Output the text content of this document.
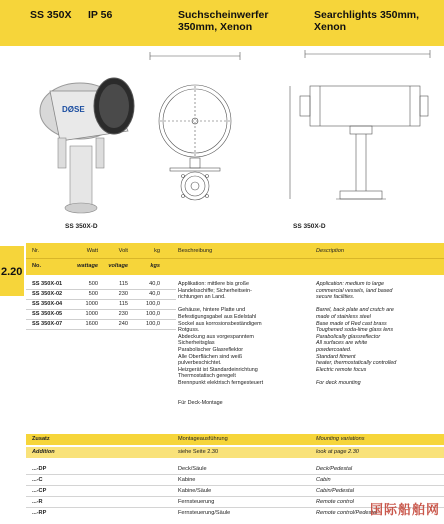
SS 350X IP 56	Suchscheinwerfer 350mm, Xenon
Searchlights 350mm, Xenon
DØSE
SS 350X-D	SS 350X-D
2.20
Nr.	Watt	Volt	kg	Beschreibung	Description
No.	wattage	voltage	kgs
SS 350X-01	500	115	40,0
SS 350X-02	500	230	40,0
SS 350X-04	1000	115	100,0
SS 350X-05	1000	230	100,0
SS 350X-07	1600	240	100,0
Applikation: mittlere bis große
Handelsschiffe; Sicherheitsein-
richtungen an Land.
Gehäuse, hintere Platte und
Befestigungsgabel aus Edelstahl
Sockel aus korrosionsbeständigem
Rotguss.
Abdeckung aus vorgespanntem
Sicherheitsglas
Parabolischer Glasreflektor
Alle Oberflächen sind weiß
pulverbeschichtet.
Heizgerät ist Standardeinrichtung
Thermostatisch geregelt
Brennpunkt elektrisch ferngesteuert
Für Deck-Montage
Application: medium to large
commercial vessels, land based
secure facilities.
Barrel, back plate and crutch are
made of stainless steel
Base made of Red cast brass
Toughened soda-lime glass lens
Parabolically glassreflector
All surfaces are white
powdercoated.
Standard fitment
heater, thermostatically controlled
Electric remote focus
For deck mounting
Zusatz	Montageausführung	Mounting variations
Addition	siehe Seite 2.30	look at page 2.30
...-DP	Deck/Säule	Deck/Pedestal
...-C	Kabine	Cabin
...-CP	Kabine/Säule	Cabin/Pedestal
...-R	Fernsteuerung	Remote control
...-RP	Fernsteuerung/Säule	Remote control/Pedestal
国际船舶网
